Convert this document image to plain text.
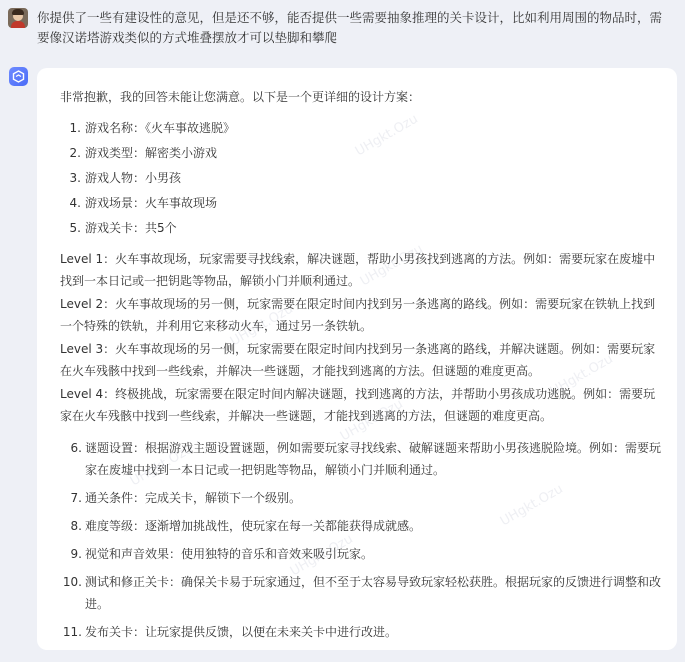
你提供了一些有建设性的意见，但是还不够，能否提供一些需要抽象推理的关卡设计，比如利用周围的物品时，需要像汉诺塔游戏类似的方式堆叠摆放才可以垫脚和攀爬
非常抱歉，我的回答未能让您满意。以下是一个更详细的设计方案：
1. 游戏名称：《火车事故逃脱》
2. 游戏类型：解密类小游戏
3. 游戏人物：小男孩
4. 游戏场景：火车事故现场
5. 游戏关卡：共5个

Level 1：火车事故现场，玩家需要寻找线索，解决谜题，帮助小男孩找到逃离的方法。例如：需要玩家在废墟中找到一本日记或一把钥匙等物品，解锁小门并顺利通过。

Level 2：火车事故现场的另一侧，玩家需要在限定时间内找到另一条逃离的路线。例如：需要玩家在铁轨上找到一个特殊的铁轨，并利用它来移动火车，通过另一条铁轨。

Level 3：火车事故现场的另一侧，玩家需要在限定时间内找到另一条逃离的路线，并解决谜题。例如：需要玩家在火车残骸中找到一些线索，并解决一些谜题，才能找到逃离的方法。但谜题的难度更高。

Level 4：终极挑战，玩家需要在限定时间内解决谜题，找到逃离的方法，并帮助小男孩成功逃脱。例如：需要玩家在火车残骸中找到一些线索，并解决一些谜题，才能找到逃离的方法，但谜题的难度更高。

6. 谜题设置：根据游戏主题设置谜题，例如需要玩家寻找线索、破解谜题来帮助小男孩逃脱险境。例如：需要玩家在废墟中找到一本日记或一把钥匙等物品，解锁小门并顺利通过。
7. 通关条件：完成关卡，解锁下一个级别。
8. 难度等级：逐渐增加挑战性，使玩家在每一关都能获得成就感。
9. 视觉和声音效果：使用独特的音乐和音效来吸引玩家。
10. 测试和修正关卡：确保关卡易于玩家通过，但不至于太容易导致玩家轻松获胜。根据玩家的反馈进行调整和改进。
11. 发布关卡：让玩家提供反馈，以便在未来关卡中进行改进。
UHgkt.Ozu
UHgkt.Ozu
UHgkt.Ozu
UHgkt.Ozu
UHgkt.Ozu
UHgkt.Ozu
UHgkt.Ozu
UHgkt.Ozu
